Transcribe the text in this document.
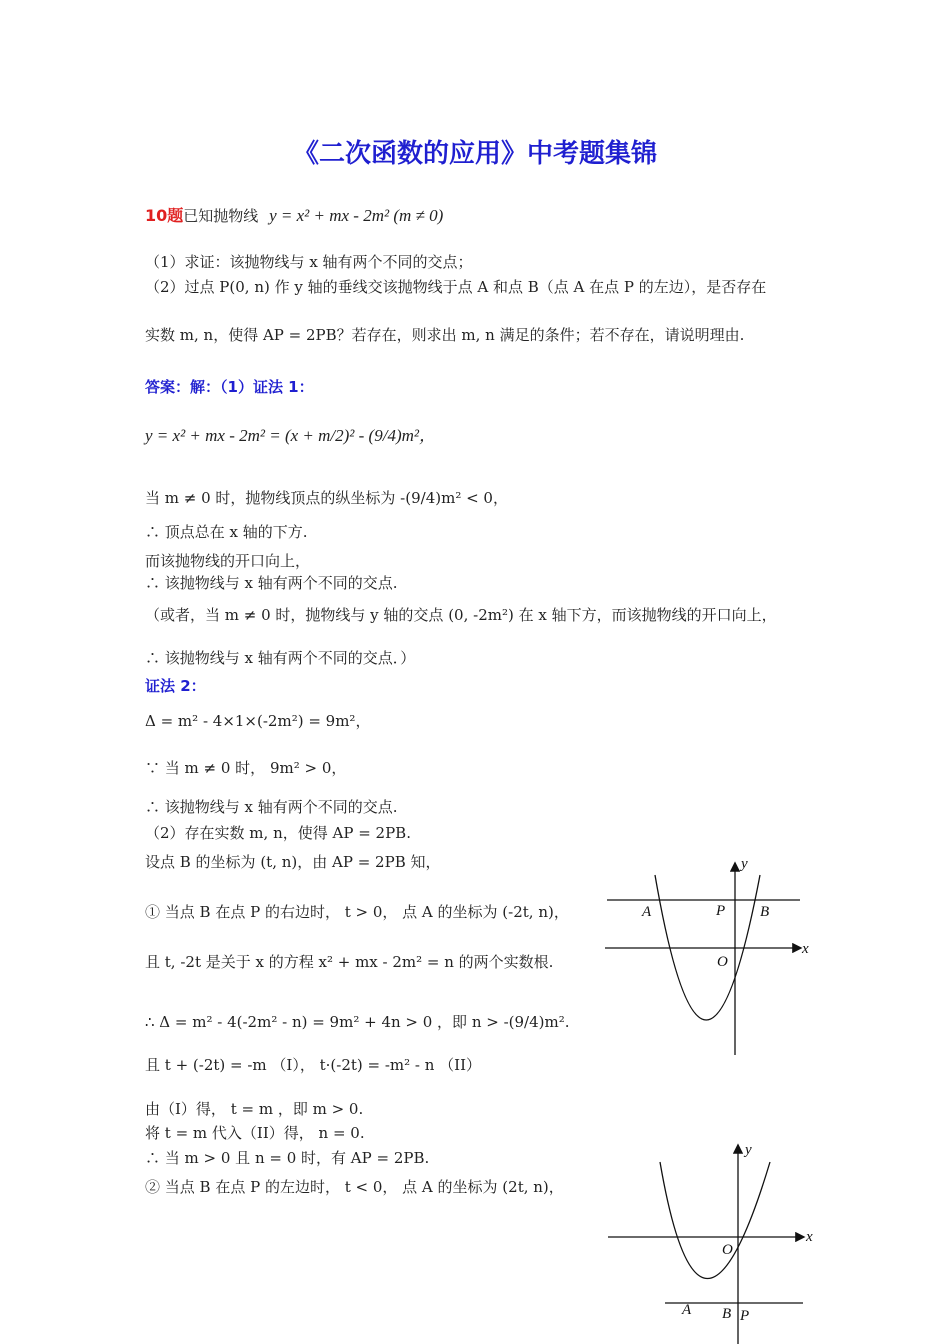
《二次函数的应用》中考题集锦
10题已知抛物线 y = x² + mx - 2m² (m ≠ 0)
（1）求证：该抛物线与 x 轴有两个不同的交点；
（2）过点 P(0, n) 作 y 轴的垂线交该抛物线于点 A 和点 B（点 A 在点 P 的左边），是否存在
实数 m, n，使得 AP = 2PB？若存在，则求出 m, n 满足的条件；若不存在，请说明理由.
答案：解：（1）证法 1：
y = x² + mx - 2m² = (x + m/2)² - (9/4)m²，
当 m ≠ 0 时，抛物线顶点的纵坐标为 -(9/4)m² < 0，
∴ 顶点总在 x 轴的下方.
而该抛物线的开口向上，
∴ 该抛物线与 x 轴有两个不同的交点.
（或者，当 m ≠ 0 时，抛物线与 y 轴的交点 (0, -2m²) 在 x 轴下方，而该抛物线的开口向上，
∴ 该抛物线与 x 轴有两个不同的交点．）
证法 2：
Δ = m² - 4×1×(-2m²) = 9m²，
∵ 当 m ≠ 0 时， 9m² > 0，
∴ 该抛物线与 x 轴有两个不同的交点.
（2）存在实数 m, n，使得 AP = 2PB.
设点 B 的坐标为 (t, n)，由 AP = 2PB 知，
① 当点 B 在点 P 的右边时， t > 0， 点 A 的坐标为 (-2t, n)，
且 t, -2t 是关于 x 的方程 x² + mx - 2m² = n 的两个实数根.
∴ Δ = m² - 4(-2m² - n) = 9m² + 4n > 0 ，即 n > -(9/4)m².
且 t + (-2t) = -m （I）， t·(-2t) = -m² - n （II）
由（I）得， t = m ，即 m > 0.
将 t = m 代入（II）得， n = 0.
∴ 当 m > 0 且 n = 0 时，有 AP = 2PB.
② 当点 B 在点 P 的左边时， t < 0， 点 A 的坐标为 (2t, n)，
y
x
A	P B
O
y
x
O
A B P
